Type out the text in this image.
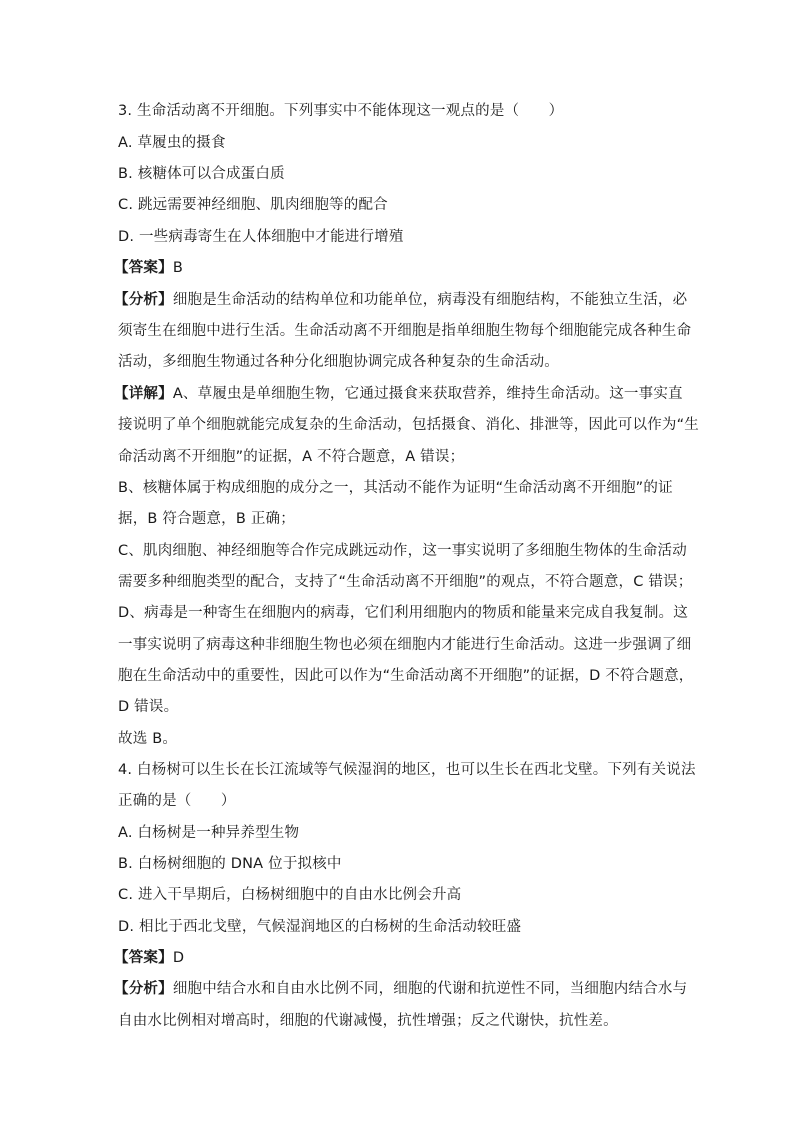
3. 生命活动离不开细胞。下列事实中不能体现这一观点的是（　　）
A. 草履虫的摄食
B. 核糖体可以合成蛋白质
C. 跳远需要神经细胞、肌肉细胞等的配合
D. 一些病毒寄生在人体细胞中才能进行增殖
【答案】B
【分析】细胞是生命活动的结构单位和功能单位，病毒没有细胞结构，不能独立生活，必
须寄生在细胞中进行生活。生命活动离不开细胞是指单细胞生物每个细胞能完成各种生命
活动，多细胞生物通过各种分化细胞协调完成各种复杂的生命活动。
【详解】A、草履虫是单细胞生物，它通过摄食来获取营养，维持生命活动。这一事实直
接说明了单个细胞就能完成复杂的生命活动，包括摄食、消化、排泄等，因此可以作为“生
命活动离不开细胞”的证据，A 不符合题意，A 错误；
B、核糖体属于构成细胞的成分之一，其活动不能作为证明“生命活动离不开细胞”的证
据，B 符合题意，B 正确；
C、肌肉细胞、神经细胞等合作完成跳远动作，这一事实说明了多细胞生物体的生命活动
需要多种细胞类型的配合，支持了“生命活动离不开细胞”的观点，不符合题意，C 错误；
D、病毒是一种寄生在细胞内的病毒，它们利用细胞内的物质和能量来完成自我复制。这
一事实说明了病毒这种非细胞生物也必须在细胞内才能进行生命活动。这进一步强调了细
胞在生命活动中的重要性，因此可以作为“生命活动离不开细胞”的证据，D 不符合题意，
D 错误。
故选 B。
4. 白杨树可以生长在长江流域等气候湿润的地区，也可以生长在西北戈壁。下列有关说法
正确的是（　　）
A. 白杨树是一种异养型生物
B. 白杨树细胞的 DNA 位于拟核中
C. 进入干旱期后，白杨树细胞中的自由水比例会升高
D. 相比于西北戈壁，气候湿润地区的白杨树的生命活动较旺盛
【答案】D
【分析】细胞中结合水和自由水比例不同，细胞的代谢和抗逆性不同，当细胞内结合水与
自由水比例相对增高时，细胞的代谢减慢，抗性增强；反之代谢快，抗性差。
